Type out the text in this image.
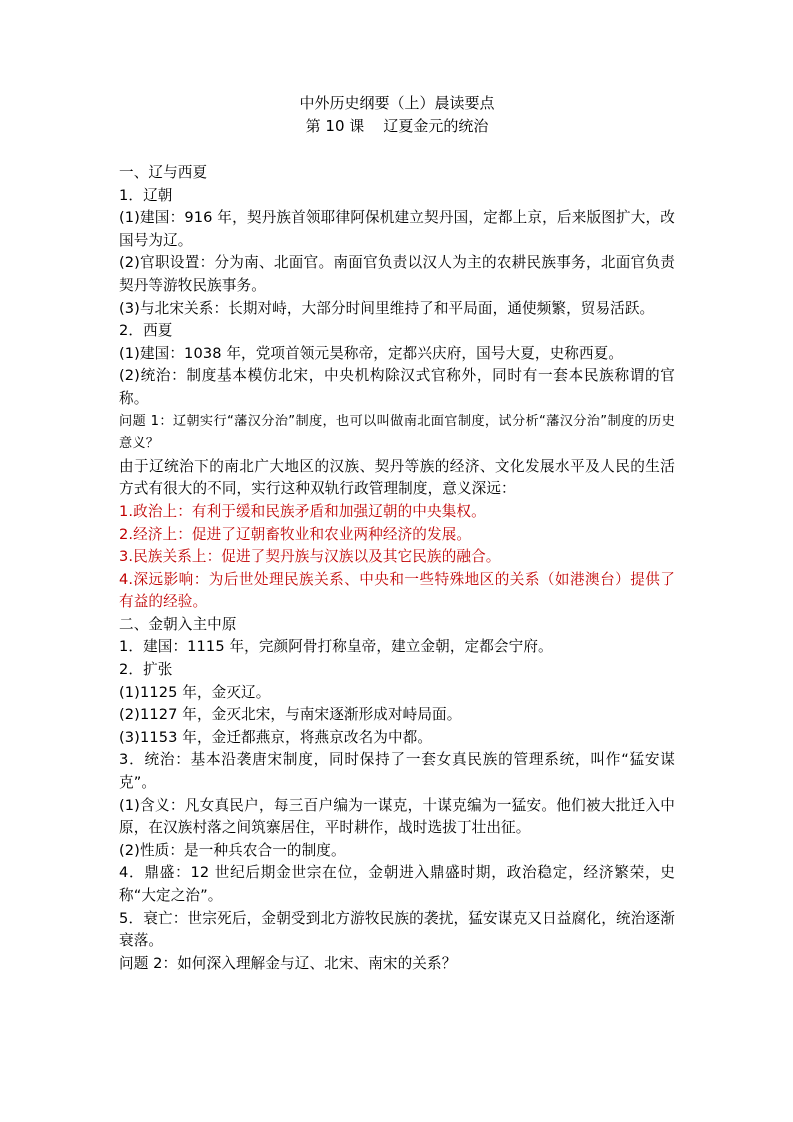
中外历史纲要（上）晨读要点
第 10 课    辽夏金元的统治

一、辽与西夏

1．辽朝

(1)建国：916 年，契丹族首领耶律阿保机建立契丹国，定都上京，后来版图扩大，改国号为辽。

(2)官职设置：分为南、北面官。南面官负责以汉人为主的农耕民族事务，北面官负责契丹等游牧民族事务。

(3)与北宋关系：长期对峙，大部分时间里维持了和平局面，通使频繁，贸易活跃。

2．西夏

(1)建国：1038 年，党项首领元昊称帝，定都兴庆府，国号大夏，史称西夏。

(2)统治：制度基本模仿北宋，中央机构除汉式官称外，同时有一套本民族称谓的官称。

问题 1：辽朝实行“藩汉分治”制度，也可以叫做南北面官制度，试分析“藩汉分治”制度的历史意义？

由于辽统治下的南北广大地区的汉族、契丹等族的经济、文化发展水平及人民的生活方式有很大的不同，实行这种双轨行政管理制度，意义深远：

1.政治上：有利于缓和民族矛盾和加强辽朝的中央集权。

2.经济上：促进了辽朝畜牧业和农业两种经济的发展。

3.民族关系上：促进了契丹族与汉族以及其它民族的融合。

4.深远影响：为后世处理民族关系、中央和一些特殊地区的关系（如港澳台）提供了有益的经验。

二、金朝入主中原

1．建国：1115 年，完颜阿骨打称皇帝，建立金朝，定都会宁府。

2．扩张

(1)1125 年，金灭辽。

(2)1127 年，金灭北宋，与南宋逐渐形成对峙局面。

(3)1153 年，金迁都燕京，将燕京改名为中都。

3．统治：基本沿袭唐宋制度，同时保持了一套女真民族的管理系统，叫作“猛安谋克”。

(1)含义：凡女真民户，每三百户编为一谋克，十谋克编为一猛安。他们被大批迁入中原，在汉族村落之间筑寨居住，平时耕作，战时选拔丁壮出征。

(2)性质：是一种兵农合一的制度。

4．鼎盛：12 世纪后期金世宗在位，金朝进入鼎盛时期，政治稳定，经济繁荣，史称“大定之治”。

5．衰亡：世宗死后，金朝受到北方游牧民族的袭扰，猛安谋克又日益腐化，统治逐渐衰落。

问题 2：如何深入理解金与辽、北宋、南宋的关系？
